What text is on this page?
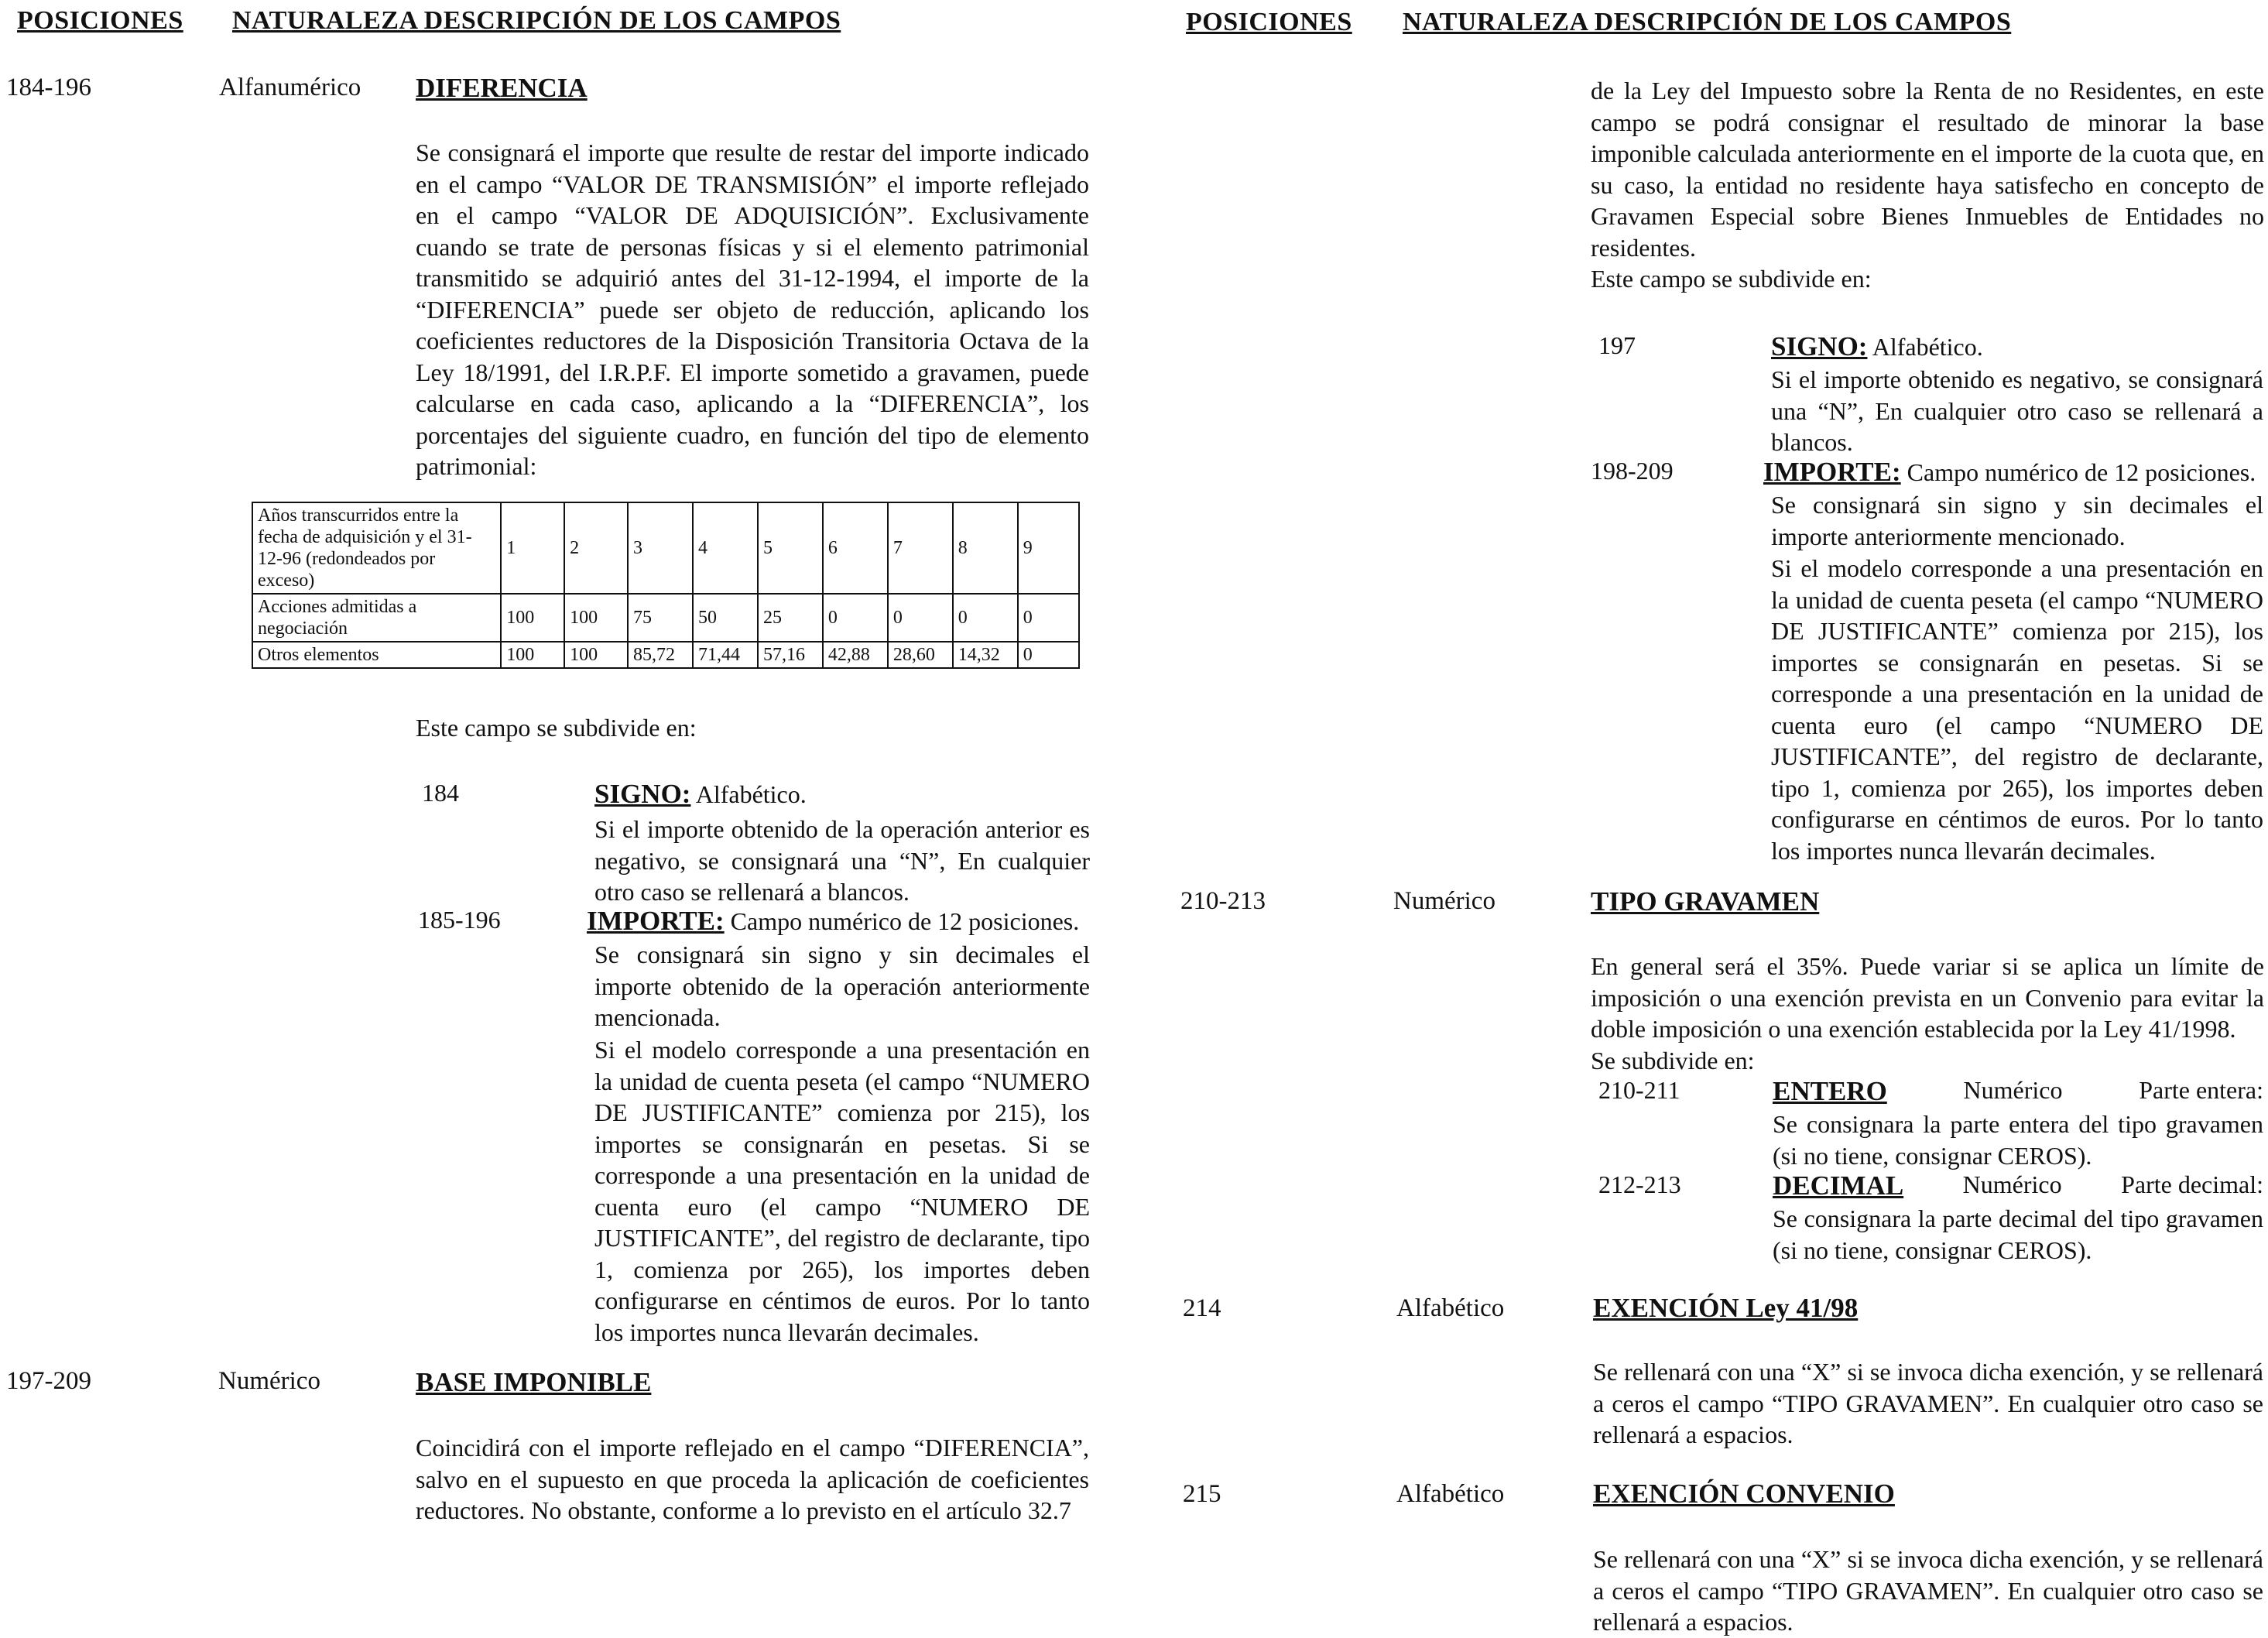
POSICIONES NATURALEZA DESCRIPCIÓN DE LOS CAMPOS
184-196	Alfanumérico DIFERENCIA
Se consignará el importe que resulte de restar del importe indicado en el campo “VALOR DE TRANSMISIÓN” el importe reflejado en el campo “VALOR DE ADQUISICIÓN”. Exclusivamente cuando se trate de personas físicas y si el elemento patrimonial transmitido se adquirió antes del 31-12-1994, el importe de la “DIFERENCIA” puede ser objeto de reducción, aplicando los coeficientes reductores de la Disposición Transitoria Octava de la Ley 18/1991, del I.R.P.F. El importe sometido a gravamen, puede calcularse en cada caso, aplicando a la “DIFERENCIA”, los porcentajes del siguiente cuadro, en función del tipo de elemento patrimonial:
Años transcurridos entre la fecha de adquisición y el 31-12-96 (redondeados por exceso)	1	2	3	4	5	6	7	8	9
Acciones admitidas a negociación	100	100	75	50	25	0	0	0	0
Otros elementos	100	100	85,72	71,44	57,16	42,88	28,60	14,32	0
Este campo se subdivide en:
184	SIGNO: Alfabético.
Si el importe obtenido de la operación anterior es negativo, se consignará una “N”, En cualquier otro caso se rellenará a blancos.
185-196	IMPORTE: Campo numérico de 12 posiciones.
Se consignará sin signo y sin decimales el importe obtenido de la operación anteriormente mencionada.
Si el modelo corresponde a una presentación en la unidad de cuenta peseta (el campo “NUMERO DE JUSTIFICANTE” comienza por 215), los importes se consignarán en pesetas. Si se corresponde a una presentación en la unidad de cuenta euro (el campo “NUMERO DE JUSTIFICANTE”, del registro de declarante, tipo 1, comienza por 265), los importes deben configurarse en céntimos de euros. Por lo tanto los importes nunca llevarán decimales.
197-209	Numérico	BASE IMPONIBLE
Coincidirá con el importe reflejado en el campo “DIFERENCIA”, salvo en el supuesto en que proceda la aplicación de coeficientes reductores. No obstante, conforme a lo previsto en el artículo 32.7
POSICIONES NATURALEZA DESCRIPCIÓN DE LOS CAMPOS
de la Ley del Impuesto sobre la Renta de no Residentes, en este campo se podrá consignar el resultado de minorar la base imponible calculada anteriormente en el importe de la cuota que, en su caso, la entidad no residente haya satisfecho en concepto de Gravamen Especial sobre Bienes Inmuebles de Entidades no residentes.
Este campo se subdivide en:
197	SIGNO: Alfabético.
Si el importe obtenido es negativo, se consignará una “N”, En cualquier otro caso se rellenará a blancos.
198-209	IMPORTE: Campo numérico de 12 posiciones.
Se consignará sin signo y sin decimales el importe anteriormente mencionado.
Si el modelo corresponde a una presentación en la unidad de cuenta peseta (el campo “NUMERO DE JUSTIFICANTE” comienza por 215), los importes se consignarán en pesetas. Si se corresponde a una presentación en la unidad de cuenta euro (el campo “NUMERO DE JUSTIFICANTE”, del registro de declarante, tipo 1, comienza por 265), los importes deben configurarse en céntimos de euros. Por lo tanto los importes nunca llevarán decimales.
210-213	Numérico	TIPO GRAVAMEN
En general será el 35%. Puede variar si se aplica un límite de imposición o una exención prevista en un Convenio para evitar la doble imposición o una exención establecida por la Ley 41/1998.
Se subdivide en:
210-211	ENTERO	Numérico	Parte entera:
Se consignara la parte entera del tipo gravamen (si no tiene, consignar CEROS).
212-213	DECIMAL Numérico Parte decimal:
Se consignara la parte decimal del tipo gravamen (si no tiene, consignar CEROS).
214	Alfabético	EXENCIÓN Ley 41/98
Se rellenará con una “X” si se invoca dicha exención, y se rellenará a ceros el campo “TIPO GRAVAMEN”. En cualquier otro caso se rellenará a espacios.
215	Alfabético	EXENCIÓN CONVENIO
Se rellenará con una “X” si se invoca dicha exención, y se rellenará a ceros el campo “TIPO GRAVAMEN”. En cualquier otro caso se rellenará a espacios.
